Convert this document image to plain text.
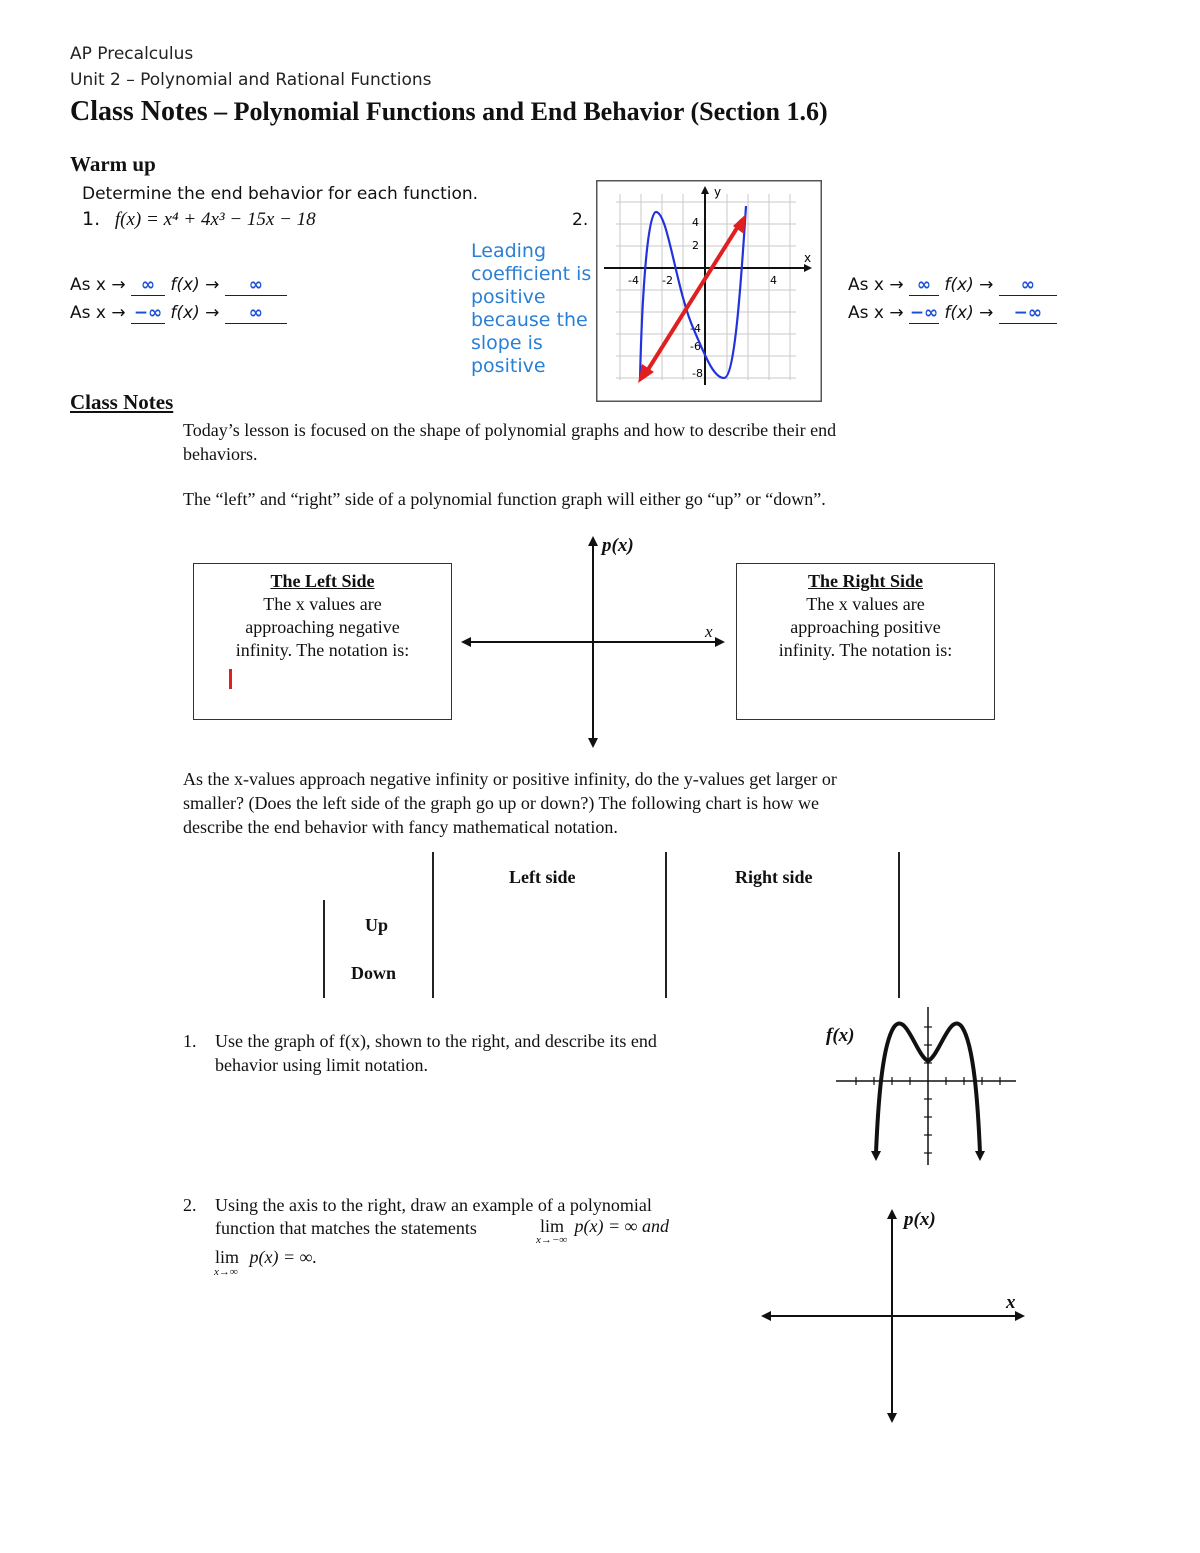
AP Precalculus
Unit 2 – Polynomial and Rational Functions
Class Notes – Polynomial Functions and End Behavior (Section 1.6)
Warm up
Determine the end behavior for each function.
1. f(x) = x⁴ + 4x³ − 15x − 18	2.
As x → ∞ f(x) → ∞
As x → −∞ f(x) → ∞
Leading
coefficient is
positive
because the
slope is
positive
y
x
-4 -2	4
4
2
-4
-6
-8
As x → ∞ f(x) → ∞
As x → −∞ f(x) → −∞
Class Notes
Today’s lesson is focused on the shape of polynomial graphs and how to describe their end
behaviors.
The “left” and “right” side of a polynomial function graph will either go “up” or “down”.
p(x)
x
The Left Side
The x values are
approaching negative
infinity. The notation is:
The Right Side
The x values are
approaching positive
infinity. The notation is:
As the x-values approach negative infinity or positive infinity, do the y-values get larger or
smaller? (Does the left side of the graph go up or down?) The following chart is how we
describe the end behavior with fancy mathematical notation.
Left side	Right side
Up
Down
1. Use the graph of f(x), shown to the right, and describe its end
behavior using limit notation.
f(x)
2. Using the axis to the right, draw an example of a polynomial
function that matches the statements	lim p(x) = ∞ and
x→−∞
lim p(x) = ∞.
x→∞
p(x)
x
